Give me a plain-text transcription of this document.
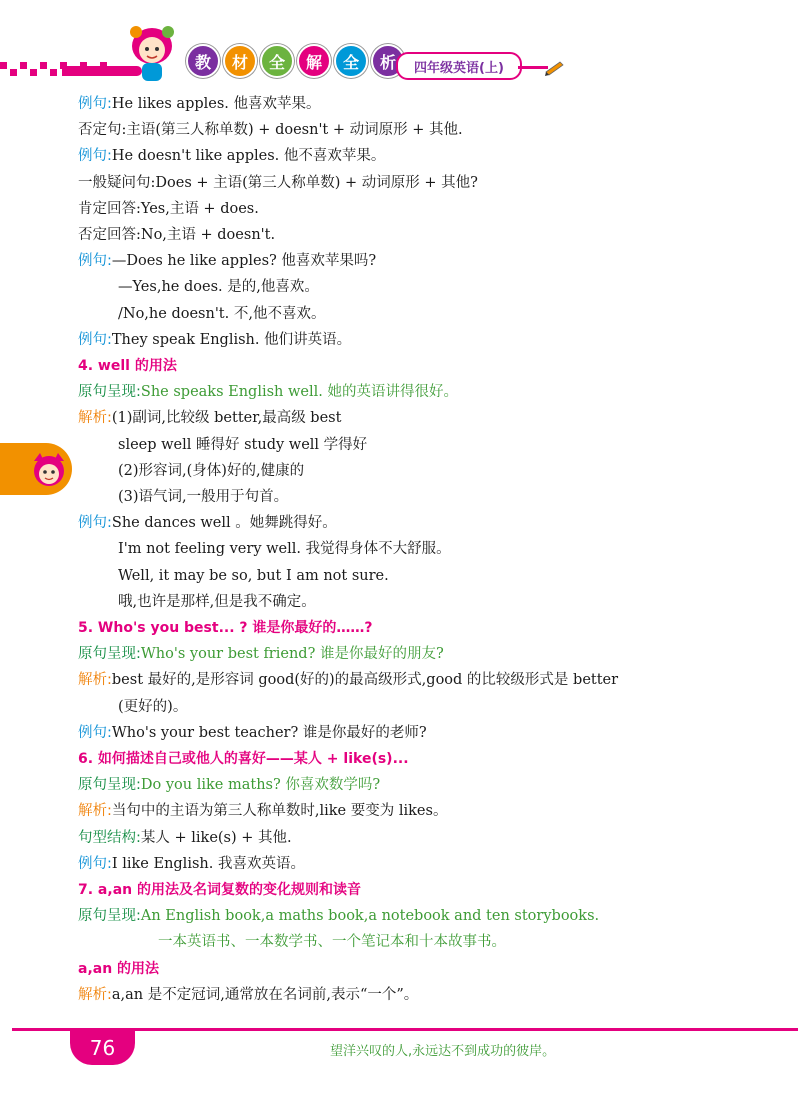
教	材	全	解	全	析	四年级英语(上)
例句:He likes apples. 他喜欢苹果。
否定句:主语(第三人称单数) + doesn't + 动词原形 + 其他.
例句:He doesn't like apples. 他不喜欢苹果。
一般疑问句:Does + 主语(第三人称单数) + 动词原形 + 其他?
肯定回答:Yes,主语 + does.
否定回答:No,主语 + doesn't.
例句:—Does he like apples? 他喜欢苹果吗?
—Yes,he does. 是的,他喜欢。
/No,he doesn't. 不,他不喜欢。
例句:They speak English. 他们讲英语。
4. well 的用法
原句呈现:She speaks English well. 她的英语讲得很好。
解析:(1)副词,比较级 better,最高级 best
sleep well 睡得好 study well 学得好
(2)形容词,(身体)好的,健康的
(3)语气词,一般用于句首。
例句:She dances well 。她舞跳得好。
I'm not feeling very well. 我觉得身体不大舒服。
Well, it may be so, but I am not sure.
哦,也许是那样,但是我不确定。
5. Who's you best... ? 谁是你最好的……?
原句呈现:Who's your best friend? 谁是你最好的朋友?
解析:best 最好的,是形容词 good(好的)的最高级形式,good 的比较级形式是 better
(更好的)。
例句:Who's your best teacher? 谁是你最好的老师?
6. 如何描述自己或他人的喜好——某人 + like(s)...
原句呈现:Do you like maths? 你喜欢数学吗?
解析:当句中的主语为第三人称单数时,like 要变为 likes。
句型结构:某人 + like(s) + 其他.
例句:I like English. 我喜欢英语。
7. a,an 的用法及名词复数的变化规则和读音
原句呈现:An English book,a maths book,a notebook and ten storybooks.
一本英语书、一本数学书、一个笔记本和十本故事书。
a,an 的用法
解析:a,an 是不定冠词,通常放在名词前,表示“一个”。
76	望洋兴叹的人,永远达不到成功的彼岸。
